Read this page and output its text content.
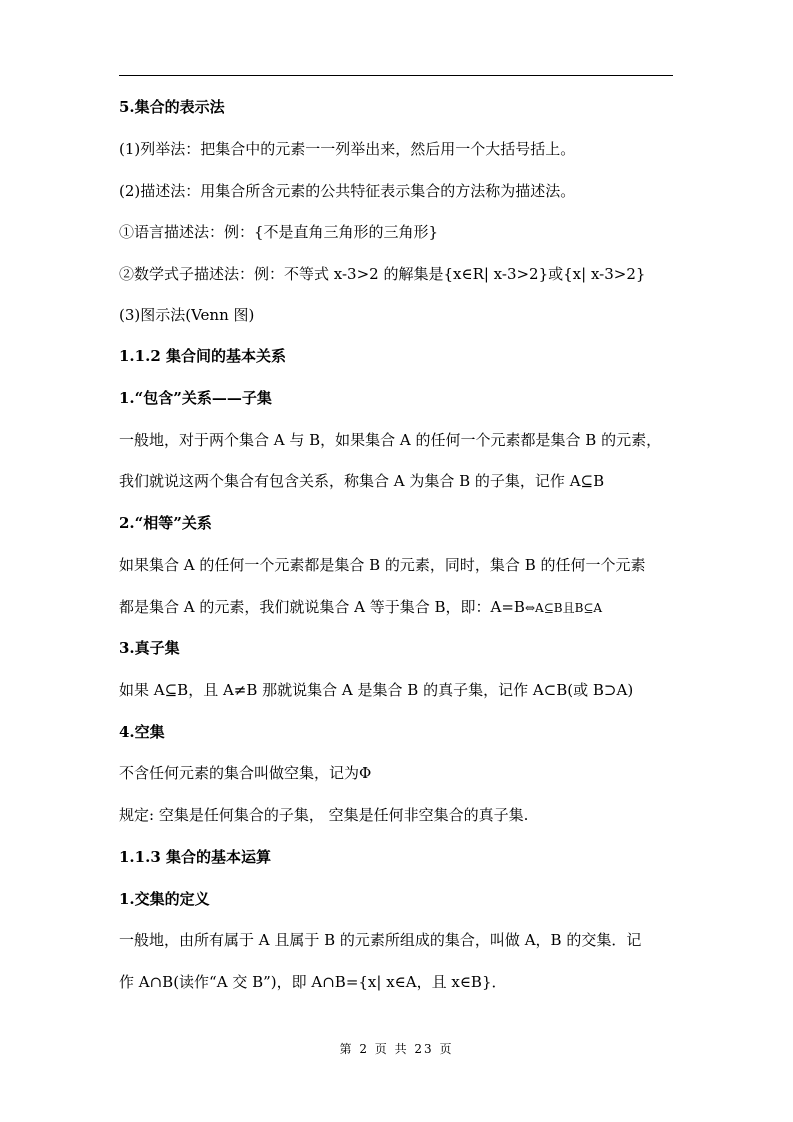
5.集合的表示法
(1)列举法：把集合中的元素一一列举出来，然后用一个大括号括上。
(2)描述法：用集合所含元素的公共特征表示集合的方法称为描述法。
①语言描述法：例：{不是直角三角形的三角形}
②数学式子描述法：例：不等式 x-3>2 的解集是{x∈R| x-3>2}或{x| x-3>2}
(3)图示法(Venn 图)
1.1.2 集合间的基本关系
1.“包含”关系——子集
一般地，对于两个集合 A 与 B，如果集合 A 的任何一个元素都是集合 B 的元素，
我们就说这两个集合有包含关系，称集合 A 为集合 B 的子集，记作 A⊆B
2.“相等”关系
如果集合 A 的任何一个元素都是集合 B 的元素，同时，集合 B 的任何一个元素
都是集合 A 的元素，我们就说集合 A 等于集合 B，即：A=B⇔A⊆B且B⊆A
3.真子集
如果 A⊆B，且 A≠B 那就说集合 A 是集合 B 的真子集，记作 A⊂B(或 B⊃A)
4.空集
不含任何元素的集合叫做空集，记为Φ
规定: 空集是任何集合的子集， 空集是任何非空集合的真子集.
1.1.3 集合的基本运算
1.交集的定义
一般地，由所有属于 A 且属于 B 的元素所组成的集合，叫做 A，B 的交集．记
作 A∩B(读作“A 交 B”)，即 A∩B={x| x∈A，且 x∈B}．
第 2 页 共 23 页
